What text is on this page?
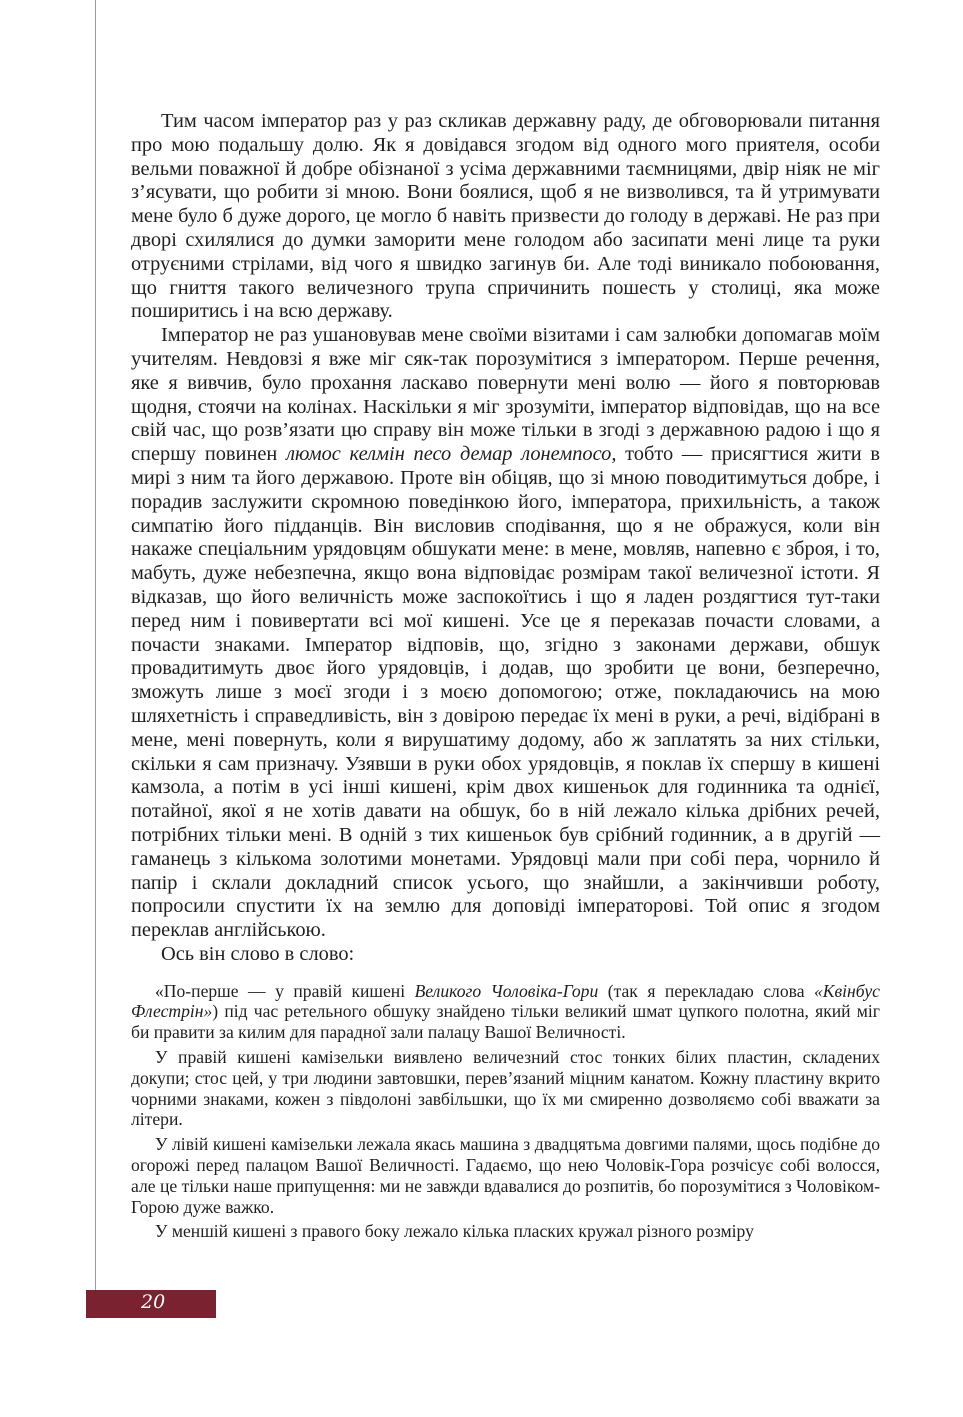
Тим часом імператор раз у раз скликав державну раду, де обговорювали питання про мою подальшу долю. Як я довідався згодом від одного мого приятеля, особи вельми поважної й добре обізнаної з усіма державними таємницями, двір ніяк не міг з’ясувати, що робити зі мною. Вони боялися, щоб я не визволився, та й утримувати мене було б дуже дорого, це могло б навіть призвести до голоду в державі. Не раз при дворі схилялися до думки заморити мене голодом або засипати мені лице та руки отруєними стрілами, від чого я швидко загинув би. Але тоді виникало побоювання, що гниття такого величезного трупа спричинить пошесть у столиці, яка може поширитись і на всю державу.

Імператор не раз ушановував мене своїми візитами і сам залюбки допомагав моїм учителям. Невдовзі я вже міг сяк-так порозумітися з імператором. Перше речення, яке я вивчив, було прохання ласкаво повернути мені волю — його я повторював щодня, стоячи на колінах. Наскільки я міг зрозуміти, імператор відповідав, що на все свій час, що розв’язати цю справу він може тільки в згоді з державною радою і що я спершу повинен люмос келмін песо демар лонемпосо, тобто — присягтися жити в мирі з ним та його державою. Проте він обіцяв, що зі мною поводитимуться добре, і порадив заслужити скромною поведінкою його, імператора, прихильність, а також симпатію його підданців. Він висловив сподівання, що я не ображуся, коли він накаже спеціальним урядовцям обшукати мене: в мене, мовляв, напевно є зброя, і то, мабуть, дуже небезпечна, якщо вона відповідає розмірам такої величезної істоти. Я відказав, що його величність може заспокоїтись і що я ладен роздягтися тут-таки перед ним і повивертати всі мої кишені. Усе це я переказав почасти словами, а почасти знаками. Імператор відповів, що, згідно з законами держави, обшук провадитимуть двоє його урядовців, і додав, що зробити це вони, безперечно, зможуть лише з моєї згоди і з моєю допомогою; отже, покладаючись на мою шляхетність і справедливість, він з довірою передає їх мені в руки, а речі, відібрані в мене, мені повернуть, коли я вирушатиму додому, або ж заплатять за них стільки, скільки я сам призначу. Узявши в руки обох урядовців, я поклав їх спершу в кишені камзола, а потім в усі інші кишені, крім двох кишеньок для годинника та однієї, потайної, якої я не хотів давати на обшук, бо в ній лежало кілька дрібних речей, потрібних тільки мені. В одній з тих кишеньок був срібний годинник, а в другій — гаманець з кількома золотими монетами. Урядовці мали при собі пера, чорнило й папір і склали докладний список усього, що знайшли, а закінчивши роботу, попросили спустити їх на землю для доповіді імператорові. Той опис я згодом переклав англійською.

Ось він слово в слово:

«По-перше — у правій кишені Великого Чоловіка-Гори (так я перекладаю слова «Квінбус Флестрін») під час ретельного обшуку знайдено тільки великий шмат цупкого полотна, який міг би правити за килим для парадної зали палацу Вашої Величності.

У правій кишені камізельки виявлено величезний стос тонких білих пластин, складених докупи; стос цей, у три людини завтовшки, перев’язаний міцним канатом. Кожну пластину вкрито чорними знаками, кожен з півдолоні завбільшки, що їх ми смиренно дозволяємо собі вважати за літери.

У лівій кишені камізельки лежала якась машина з двадцятьма довгими палями, щось подібне до огорожі перед палацом Вашої Величності. Гадаємо, що нею Чоловік-Гора розчісує собі волосся, але це тільки наше припущення: ми не завжди вдавалися до розпитів, бо порозумітися з Чоловіком-Горою дуже важко.

У меншій кишені з правого боку лежало кілька пласких кружал різного розміру

20
